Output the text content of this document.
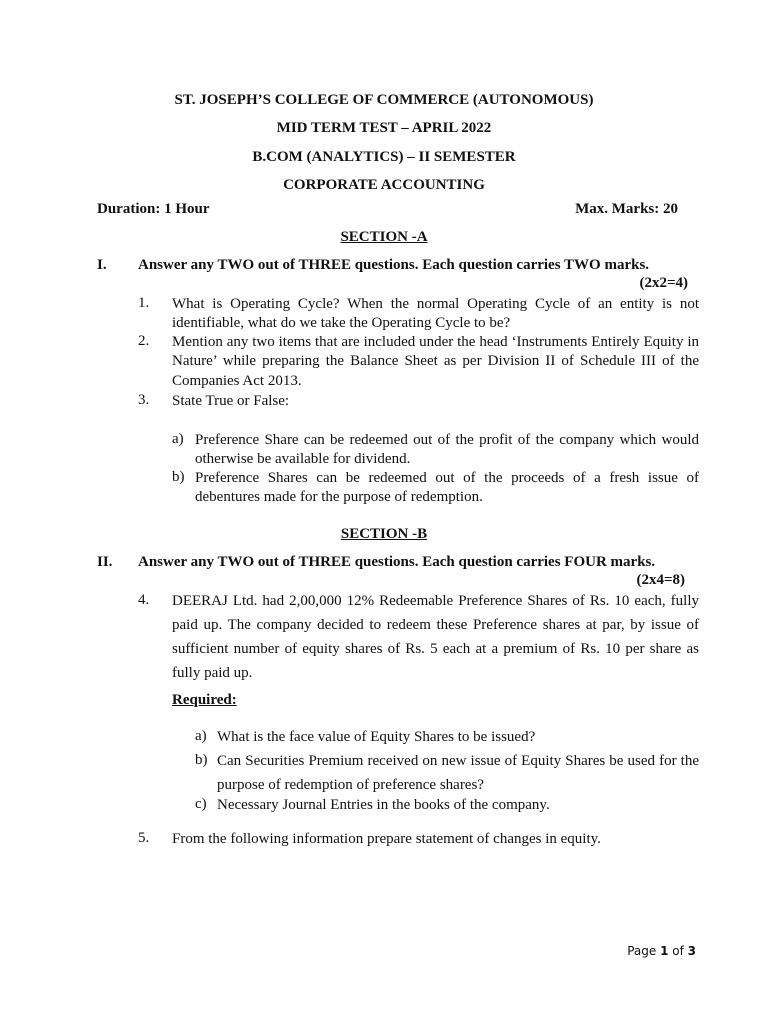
ST. JOSEPH’S COLLEGE OF COMMERCE (AUTONOMOUS)
MID TERM TEST – APRIL 2022
B.COM (ANALYTICS) – II SEMESTER
CORPORATE ACCOUNTING
Duration: 1 Hour	Max. Marks: 20
SECTION -A
I. Answer any TWO out of THREE questions. Each question carries TWO marks.
(2x2=4)
1. What is Operating Cycle? When the normal Operating Cycle of an entity is not identifiable, what do we take the Operating Cycle to be?
2. Mention any two items that are included under the head ‘Instruments Entirely Equity in Nature’ while preparing the Balance Sheet as per Division II of Schedule III of the Companies Act 2013.
3. State True or False:
a) Preference Share can be redeemed out of the profit of the company which would otherwise be available for dividend.
b) Preference Shares can be redeemed out of the proceeds of a fresh issue of debentures made for the purpose of redemption.
SECTION -B
II. Answer any TWO out of THREE questions. Each question carries FOUR marks.
(2x4=8)
4. DEERAJ Ltd. had 2,00,000 12% Redeemable Preference Shares of Rs. 10 each, fully paid up. The company decided to redeem these Preference shares at par, by issue of sufficient number of equity shares of Rs. 5 each at a premium of Rs. 10 per share as fully paid up.
Required:
a) What is the face value of Equity Shares to be issued?
b) Can Securities Premium received on new issue of Equity Shares be used for the purpose of redemption of preference shares?
c) Necessary Journal Entries in the books of the company.
5. From the following information prepare statement of changes in equity.
Page 1 of 3
